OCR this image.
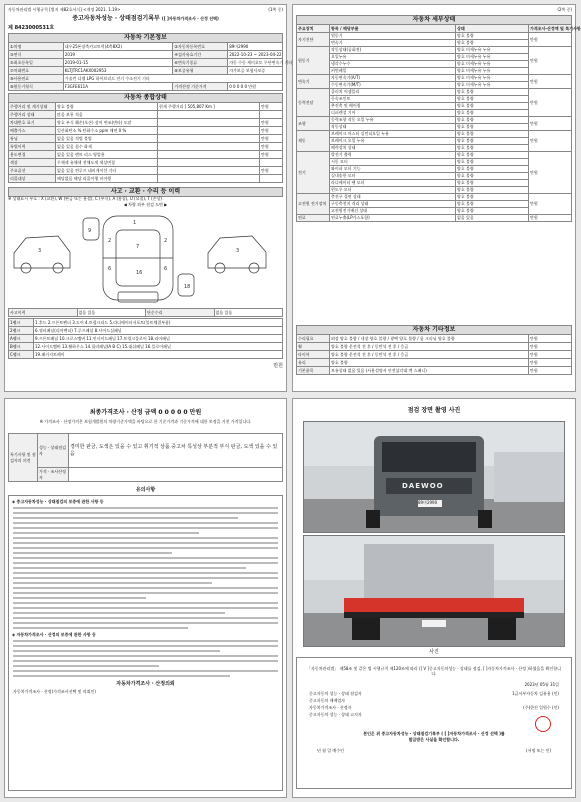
자동차관리법 시행규칙 [별지 제82호서식] <개정 2021. 1.19>	(1쪽 중)
중고자동차성능 · 상태점검기록부 ([ ]자동차가격조사 · 산정 선택)
제 8423000531호
자동차 기본정보
①차명	대우25톤장축카고트럭(4축8X2)	②자동차등록번호	89마2990
③연식	2019	④검사유효기간	2022-10-23 ~ 2023-04-22
⑤최초등록일	2019-01-15	⑥변속기종류	자동 수동 세미오토 무단변속기 기타
⑦차대번호	KLTJTRC1AKX002953	⑧보증유형	자가보증 보험사보증
⑨사용연료	가솔린 디젤 LPG 하이브리드 전기 수소전기 기타		
⑩원동기형식	F3GFE611A	가격산정 기준가격	0 0 0 0 0 만원
자동차 종합상태
주행거리 및 계기상태	양호 불량	현재 주행거리 [ 505,807 Km ]	만원
주행거리 상태	많음 보통 적음		
차대번호 표기	양호 부식 훼손(오손) 상이 변조(변타) 도말		만원
배출가스	일산화탄소 % 탄화수소 ppm 매연 0 %		만원
튜닝	없음 있음 적법 불법		만원
특별이력	없음 있음 침수 화재		만원
용도변경	없음 있음 렌트 리스 영업용		만원
색상	무채색 유채색 전체도색 색상변경		
주요옵션	없음 있음 썬루프 네비게이션 기타		만원
리콜대상	해당없음 해당 리콜이행 미이행		
사고 · 교환 · 수리 등 이력
※ 상태표시 부호 : X (교환), W (판금 또는 용접), C (부식), A (흠집), U (요철), T (손상)
◀ 차량 외부 점검 도면 ▶
1
7
16
2	2
6	6
3	3
9
18
사고이력	없음 있음	단순수리	없음 있음
1랭크	1.후드 2.프론트펜더 3.도어 4.트렁크리드 5.라디에이터서포트(볼트체결부품)
2랭크	6.쿼터패널(리어펜더) 7.루프패널 8.사이드실패널
A랭크	9.프론트패널 10.크로스멤버 11.인사이드패널 17.트렁크플로어 18.리어패널
B랭크	12.사이드멤버 13.휠하우스 14.필러패널(A B C) 15.대쉬패널 16.플로어패널
C랭크	19.패키지트레이
만원
(2쪽 중)
자동차 세부상태
주요장치	항목 / 해당부품	상태	가격조사·산정액 및 특기사항
자기진단	원동기	양호 불량	만원
	변속기	양호 불량	
원동기	작동상태(공회전)	양호 미세누유 누유	만원
	오일누유	양호 미세누유 누유	
	냉각수누수	양호 미세누유 누유	
	커먼레일	양호 미세누유 누유	
변속기	자동변속기(A/T)	양호 미세누유 누유	만원
	수동변속기(M/T)	양호 미세누유 누유	
동력전달	클러치 어셈블리	양호 불량	만원
	등속조인트	양호 불량	
	추진축 및 베어링	양호 불량	
	디퍼렌셜 기어	양호 불량	
조향	동력조향 작동 오일 누유	양호 불량	만원
	작동상태	양호 불량	
제동	브레이크 마스터 실린더오일 누유	양호 불량	만원
	브레이크 오일 누유	양호 불량	
	배력장치 상태	양호 불량	
전기	발전기 출력	양호 불량	만원
	시동 모터	양호 불량	
	와이퍼 모터 기능	양호 불량	
	실내송풍 모터	양호 불량	
	라디에이터 팬 모터	양호 불량	
	윈도우 모터	양호 불량	
고전원 전기장치	충전구 절연 상태	양호 불량	만원
	구동축전지 격리 상태	양호 불량	
	고전원전기배선 상태	양호 불량	
연료	연료누출(LP가스포함)	없음 있음	만원
자동차 기타정보
수리필요	외장 양호 불량 / 내장 양호 불량 / 광택 양호 불량 / 룸 크리닝 양호 불량	만원
휠	양호 불량 운전석 전 후 / 동반석 전 후 / 응급	만원
타이어	양호 불량 운전석 전 후 / 동반석 전 후 / 응급	만원
유리	양호 불량	만원
기본품목	보유상태 없음 있음 (사용설명서 안전삼각대 잭 스패너)	만원
최종가격조사 · 산정 금액 0 0 0 0 0 만원
※ 가격조사 · 산정가격은 보험개발원의 차량기준가액을 바탕으로 한 기준가격과 기준가격에 대한 보정을 거친 가격입니다.
특기사항 및 점검자의 의견	성능 · 상태점검자	경미한 판금, 도색은 있을 수 있고 휘기적 상품 중고차 특성상 부분적 부식 판금, 도색 있을 수 있음
	가격 · 조사산정자	
유의사항
◈ 중고자동차성능 · 상태점검의 보증에 관한 사항 등
◈ 자동차가격조사 · 산정의 보증에 관한 사항 등
자동차가격조사 · 산정의뢰
자동차가격조사 · 산정(가격조사선택 및 의뢰인)
점검 장면 촬영 사진
DAEWOO
89마2990
사진
「자동차관리법」 제58조 및 같은 법 시행규칙 제120조에 따라 ([ V ]중고자동차성능 · 상태를 점검, [ ]자동차가격조사 · 산정 )하였음을 확인합니다.
2023년 05월 31일
중고자동차 성능 · 상태 점검자	1급서부자동차 김유용 (인)
중고자동차 매매업자
자동차가격조사 · 산정자	(주)한진 입원수 (인)
중고자동차 성능 · 상태 고지자
본인은 위 중고자동차성능 · 상태점검기록부 ( [ ]자동차가격조사 · 산정 선택 )를
발급받은 사실을 확인합니다.
년 월 일 매수인	(서명 또는 인)
